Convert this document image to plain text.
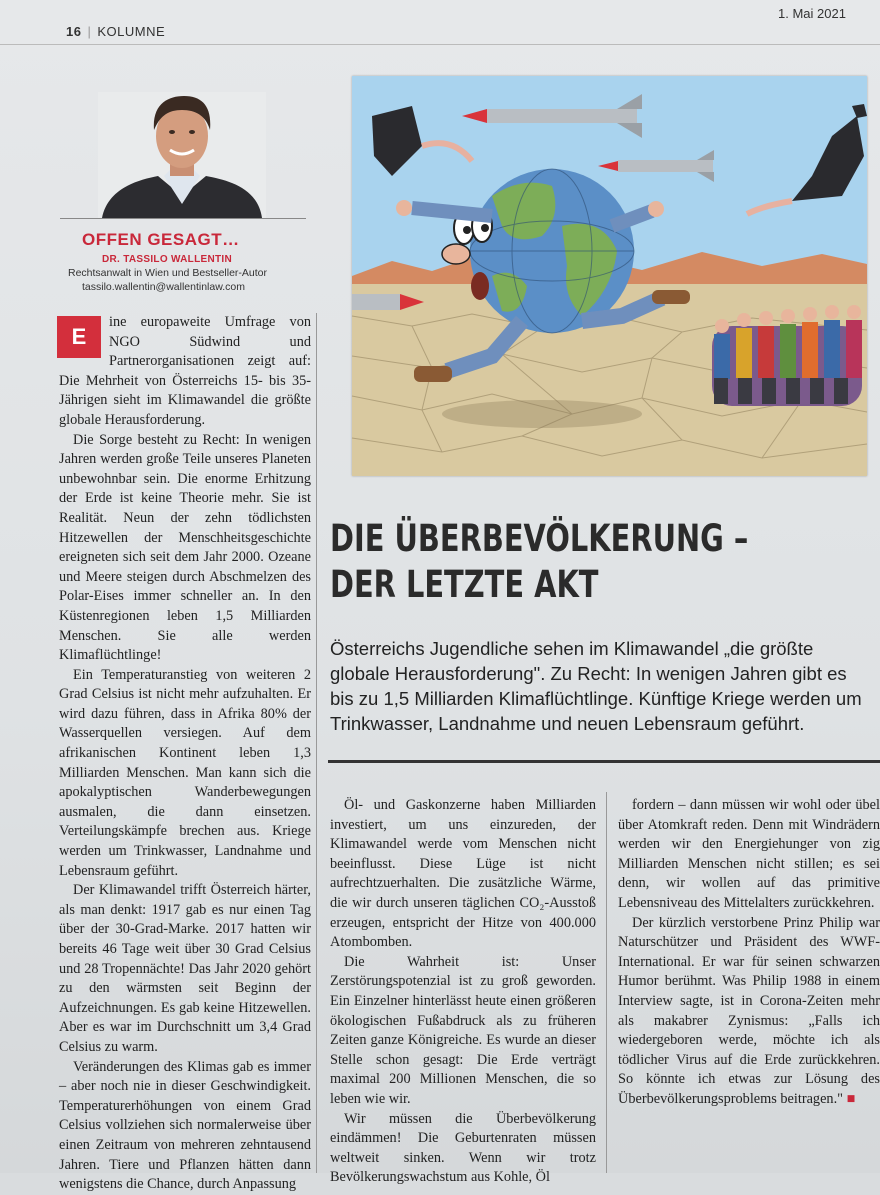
16 | KOLUMNE
1. Mai 2021
OFFEN GESAGT…
DR. TASSILO WALLENTIN
Rechtsanwalt in Wien und Bestseller-Autor
tassilo.wallentin@wallentinlaw.com
DIE ÜBERBEVÖLKERUNG –
DER LETZTE AKT
Österreichs Jugendliche sehen im Klimawandel „die größte globale Herausforderung". Zu Recht: In wenigen Jahren gibt es bis zu 1,5 Milliarden Klimaflüchtlinge. Künftige Kriege werden um Trinkwasser, Landnahme und neuen Lebensraum geführt.
E

ine europaweite Umfrage von NGO Südwind und Partnerorganisationen zeigt auf: Die Mehrheit von Österreichs 15- bis 35-Jährigen sieht im Klimawandel die größte globale Herausforderung.

Die Sorge besteht zu Recht: In wenigen Jahren werden große Teile unseres Planeten unbewohnbar sein. Die enorme Erhitzung der Erde ist keine Theorie mehr. Sie ist Realität. Neun der zehn tödlichsten Hitzewellen der Menschheitsgeschichte ereigneten sich seit dem Jahr 2000. Ozeane und Meere steigen durch Abschmelzen des Polar-Eises immer schneller an. In den Küstenregionen leben 1,5 Milliarden Menschen. Sie alle werden Klimaflüchtlinge!

Ein Temperaturanstieg von weiteren 2 Grad Celsius ist nicht mehr aufzuhalten. Er wird dazu führen, dass in Afrika 80% der Wasserquellen versiegen. Auf dem afrikanischen Kontinent leben 1,3 Milliarden Menschen. Man kann sich die apokalyptischen Wanderbewegungen ausmalen, die dann einsetzen. Verteilungskämpfe brechen aus. Kriege werden um Trinkwasser, Landnahme und Lebensraum geführt.

Der Klimawandel trifft Österreich härter, als man denkt: 1917 gab es nur einen Tag über der 30-Grad-Marke. 2017 hatten wir bereits 46 Tage weit über 30 Grad Celsius und 28 Tropennächte! Das Jahr 2020 gehört zu den wärmsten seit Beginn der Aufzeichnungen. Es gab keine Hitzewellen. Aber es war im Durchschnitt um 3,4 Grad Celsius zu warm.

Veränderungen des Klimas gab es immer – aber noch nie in dieser Geschwindigkeit. Temperaturerhöhungen von einem Grad Celsius vollziehen sich normalerweise über einen Zeitraum von mehreren zehntausend Jahren. Tiere und Pflanzen hätten dann wenigstens die Chance, durch Anpassung

Öl- und Gaskonzerne haben Milliarden investiert, um uns einzureden, der Klimawandel werde vom Menschen nicht beeinflusst. Diese Lüge ist nicht aufrechtzuerhalten. Die zusätzliche Wärme, die wir durch unseren täglichen CO₂-Ausstoß erzeugen, entspricht der Hitze von 400.000 Atombomben.

Die Wahrheit ist: Unser Zerstörungspotenzial ist zu groß geworden. Ein Einzelner hinterlässt heute einen größeren ökologischen Fußabdruck als zu früheren Zeiten ganze Königreiche. Es wurde an dieser Stelle schon gesagt: Die Erde verträgt maximal 200 Millionen Menschen, die so leben wie wir.

Wir müssen die Überbevölkerung eindämmen! Die Geburtenraten müssen weltweit sinken. Wenn wir trotz Bevölkerungswachstum aus Kohle, Öl

fordern – dann müssen wir wohl oder übel über Atomkraft reden. Denn mit Windrädern werden wir den Energiehunger von zig Milliarden Menschen nicht stillen; es sei denn, wir wollen auf das primitive Lebensniveau des Mittelalters zurückkehren.

Der kürzlich verstorbene Prinz Philip war Naturschützer und Präsident des WWF-International. Er war für seinen schwarzen Humor berühmt. Was Philip 1988 in einem Interview sagte, ist in Corona-Zeiten mehr als makabrer Zynismus: „Falls ich wiedergeboren werde, möchte ich als tödlicher Virus auf die Erde zurückkehren. So könnte ich etwas zur Lösung des Überbevölkerungsproblems beitragen." ■
